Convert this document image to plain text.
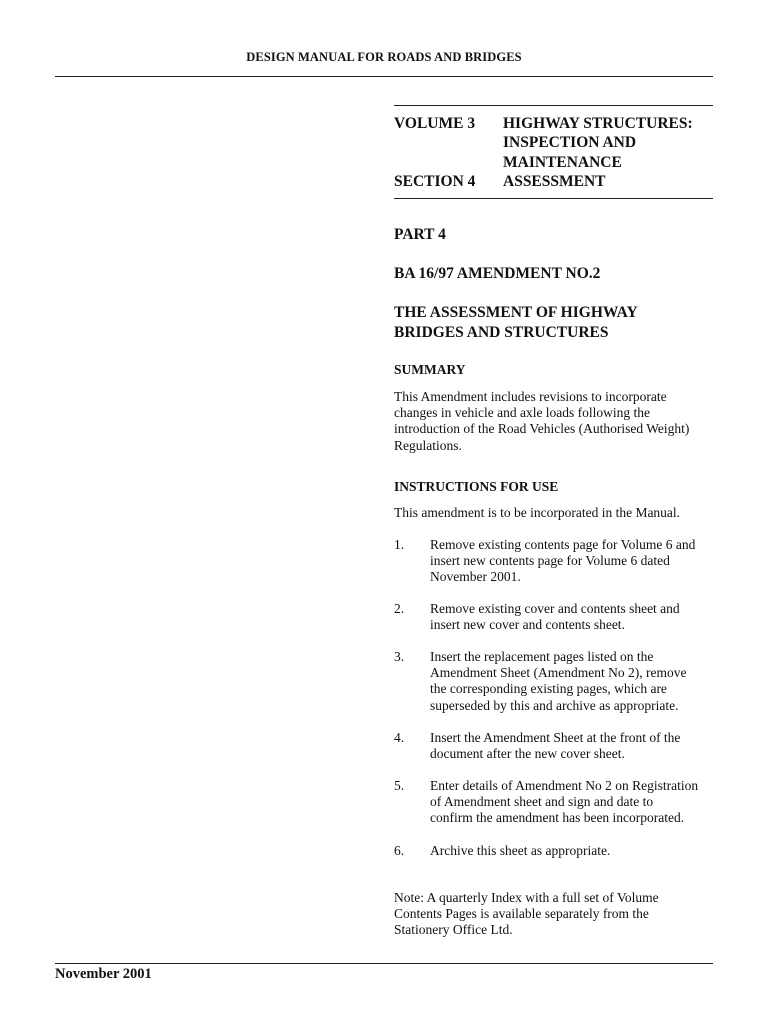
DESIGN MANUAL FOR ROADS AND BRIDGES
VOLUME 3	HIGHWAY STRUCTURES:
INSPECTION AND
MAINTENANCE
SECTION 4	ASSESSMENT
PART 4
BA 16/97 AMENDMENT NO.2
THE ASSESSMENT OF HIGHWAY
BRIDGES AND STRUCTURES
SUMMARY
This Amendment includes revisions to incorporate
changes in vehicle and axle loads following the
introduction of the Road Vehicles (Authorised Weight)
Regulations.
INSTRUCTIONS FOR USE
This amendment is to be incorporated in the Manual.
1.	Remove existing contents page for Volume 6 and
insert new contents page for Volume 6 dated
November 2001.
2.	Remove existing cover and contents sheet and
insert new cover and contents sheet.
3.	Insert the replacement pages listed on the
Amendment Sheet (Amendment No 2), remove
the corresponding existing pages, which are
superseded by this and archive as appropriate.
4.	Insert the Amendment Sheet at the front of the
document after the new cover sheet.
5.	Enter details of Amendment No 2 on Registration
of Amendment sheet and sign and date to
confirm the amendment has been incorporated.
6.	Archive this sheet as appropriate.
Note: A quarterly Index with a full set of Volume
Contents Pages is available separately from the
Stationery Office Ltd.
November 2001
